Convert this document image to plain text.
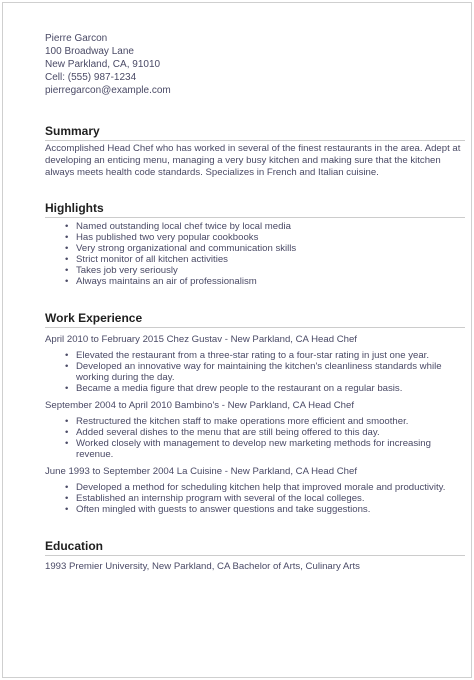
Pierre Garcon
100 Broadway Lane
New Parkland, CA, 91010
Cell: (555) 987-1234
pierregarcon@example.com
Summary

Accomplished Head Chef who has worked in several of the finest restaurants in the area. Adept at developing an enticing menu, managing a very busy kitchen and making sure that the kitchen always meets health code standards. Specializes in French and Italian cuisine.

Highlights
• Named outstanding local chef twice by local media
• Has published two very popular cookbooks
• Very strong organizational and communication skills
• Strict monitor of all kitchen activities
• Takes job very seriously
• Always maintains an air of professionalism
Work Experience
April 2010 to February 2015 Chez Gustav - New Parkland, CA Head Chef
• Elevated the restaurant from a three-star rating to a four-star rating in just one year.
• Developed an innovative way for maintaining the kitchen's cleanliness standards while working during the day.
• Became a media figure that drew people to the restaurant on a regular basis.
September 2004 to April 2010 Bambino's - New Parkland, CA Head Chef
• Restructured the kitchen staff to make operations more efficient and smoother.
• Added several dishes to the menu that are still being offered to this day.
• Worked closely with management to develop new marketing methods for increasing revenue.
June 1993 to September 2004 La Cuisine - New Parkland, CA Head Chef
• Developed a method for scheduling kitchen help that improved morale and productivity.
• Established an internship program with several of the local colleges.
• Often mingled with guests to answer questions and take suggestions.
Education

1993 Premier University, New Parkland, CA Bachelor of Arts, Culinary Arts
